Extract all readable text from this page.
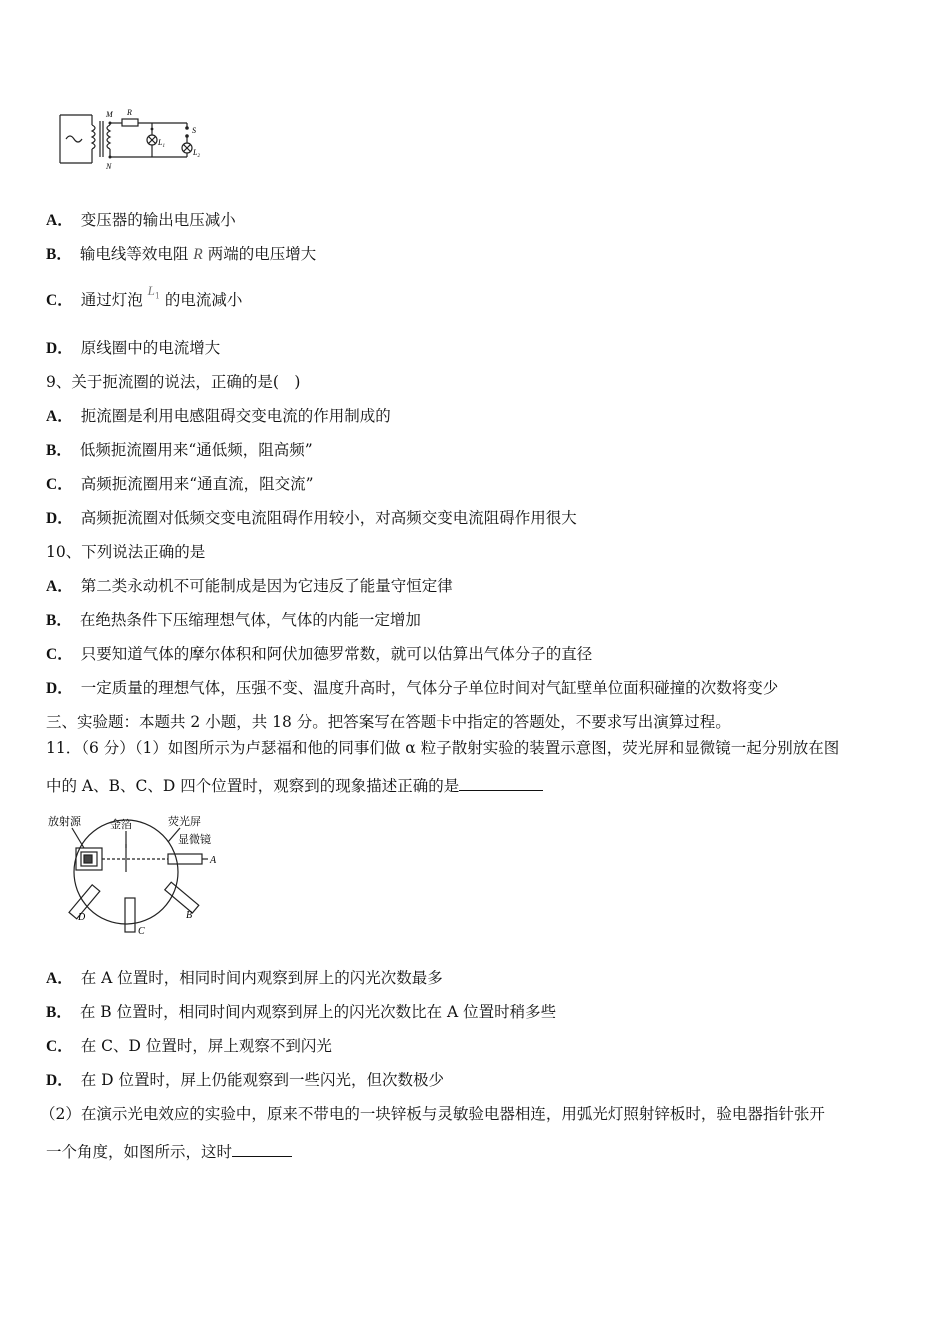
M R
N
S
$L_1$
$L_2$
A． 变压器的输出电压减小
B． 输电线等效电阻 R 两端的电压增大
C． 通过灯泡 $^{L_1}$ 的电流减小
D． 原线圈中的电流增大
9、关于扼流圈的说法，正确的是(　)
A． 扼流圈是利用电感阻碍交变电流的作用制成的
B． 低频扼流圈用来“通低频，阻高频”
C． 高频扼流圈用来“通直流，阻交流”
D． 高频扼流圈对低频交变电流阻碍作用较小，对高频交变电流阻碍作用很大
10、下列说法正确的是
A． 第二类永动机不可能制成是因为它违反了能量守恒定律
B． 在绝热条件下压缩理想气体，气体的内能一定增加
C． 只要知道气体的摩尔体积和阿伏加德罗常数，就可以估算出气体分子的直径
D． 一定质量的理想气体，压强不变、温度升高时，气体分子单位时间对气缸壁单位面积碰撞的次数将变少
三、实验题：本题共 2 小题，共 18 分。把答案写在答题卡中指定的答题处，不要求写出演算过程。
11．（6 分）（1）如图所示为卢瑟福和他的同事们做 α 粒子散射实验的装置示意图，荧光屏和显微镜一起分别放在图
中的 A、B、C、D 四个位置时，观察到的现象描述正确的是
放射源	金箔	荧光屏
显微镜
A
B
C
D
A． 在 A 位置时，相同时间内观察到屏上的闪光次数最多
B． 在 B 位置时，相同时间内观察到屏上的闪光次数比在 A 位置时稍多些
C． 在 C、D 位置时，屏上观察不到闪光
D． 在 D 位置时，屏上仍能观察到一些闪光，但次数极少
（2）在演示光电效应的实验中，原来不带电的一块锌板与灵敏验电器相连，用弧光灯照射锌板时，验电器指针张开
一个角度，如图所示，这时
